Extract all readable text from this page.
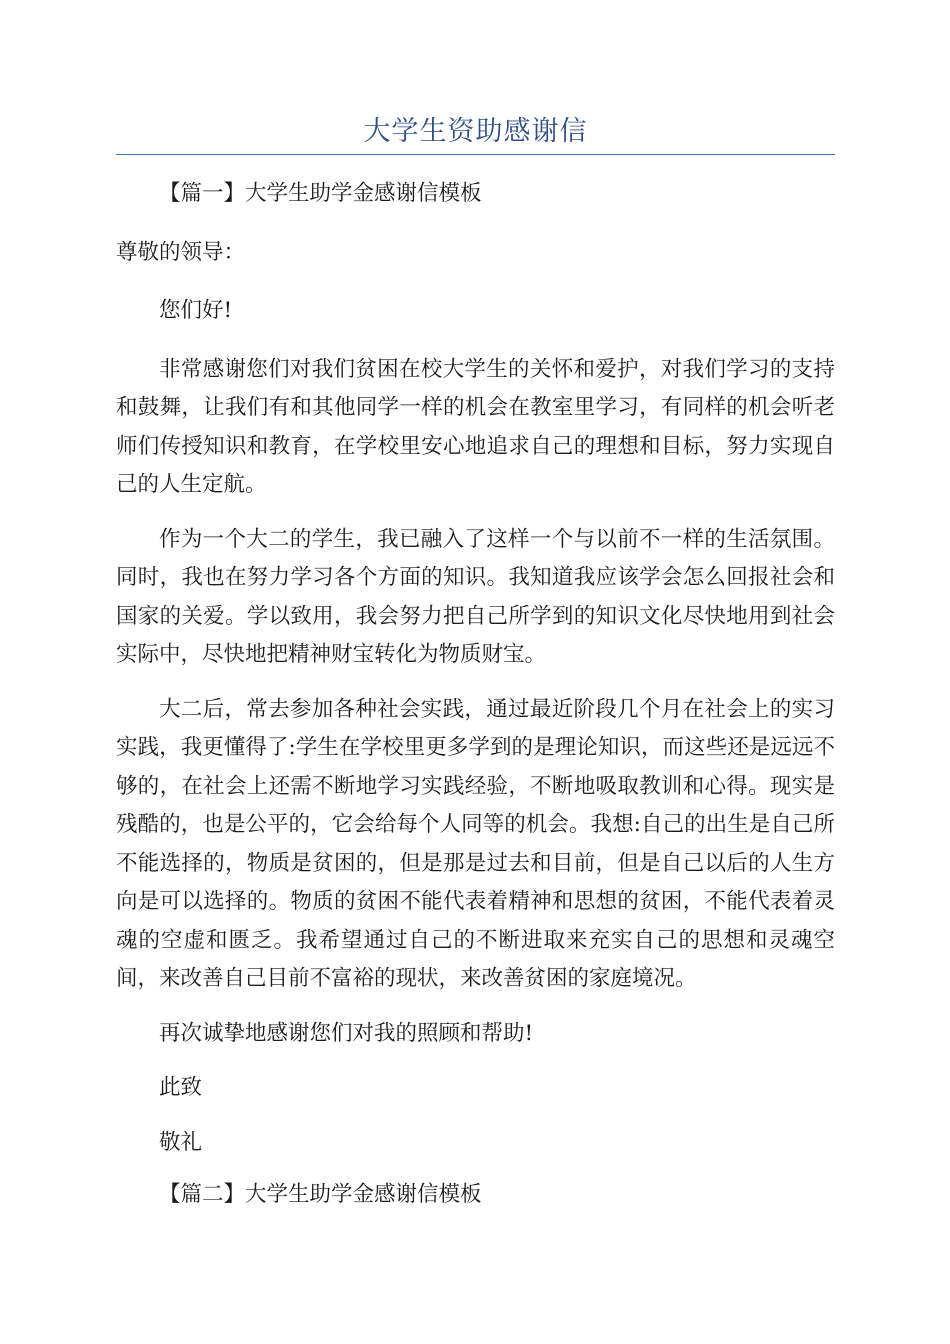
大学生资助感谢信

【篇一】大学生助学金感谢信模板

尊敬的领导：

您们好!

非常感谢您们对我们贫困在校大学生的关怀和爱护，对我们学习的支持和鼓舞，让我们有和其他同学一样的机会在教室里学习，有同样的机会听老师们传授知识和教育，在学校里安心地追求自己的理想和目标，努力实现自己的人生定航。

作为一个大二的学生，我已融入了这样一个与以前不一样的生活氛围。同时，我也在努力学习各个方面的知识。我知道我应该学会怎么回报社会和国家的关爱。学以致用，我会努力把自己所学到的知识文化尽快地用到社会实际中，尽快地把精神财宝转化为物质财宝。

大二后，常去参加各种社会实践，通过最近阶段几个月在社会上的实习实践，我更懂得了:学生在学校里更多学到的是理论知识，而这些还是远远不够的，在社会上还需不断地学习实践经验，不断地吸取教训和心得。现实是残酷的，也是公平的，它会给每个人同等的机会。我想:自己的出生是自己所不能选择的，物质是贫困的，但是那是过去和目前，但是自己以后的人生方向是可以选择的。物质的贫困不能代表着精神和思想的贫困，不能代表着灵魂的空虚和匮乏。我希望通过自己的不断进取来充实自己的思想和灵魂空间，来改善自己目前不富裕的现状，来改善贫困的家庭境况。

再次诚挚地感谢您们对我的照顾和帮助!

此致

敬礼

【篇二】大学生助学金感谢信模板
